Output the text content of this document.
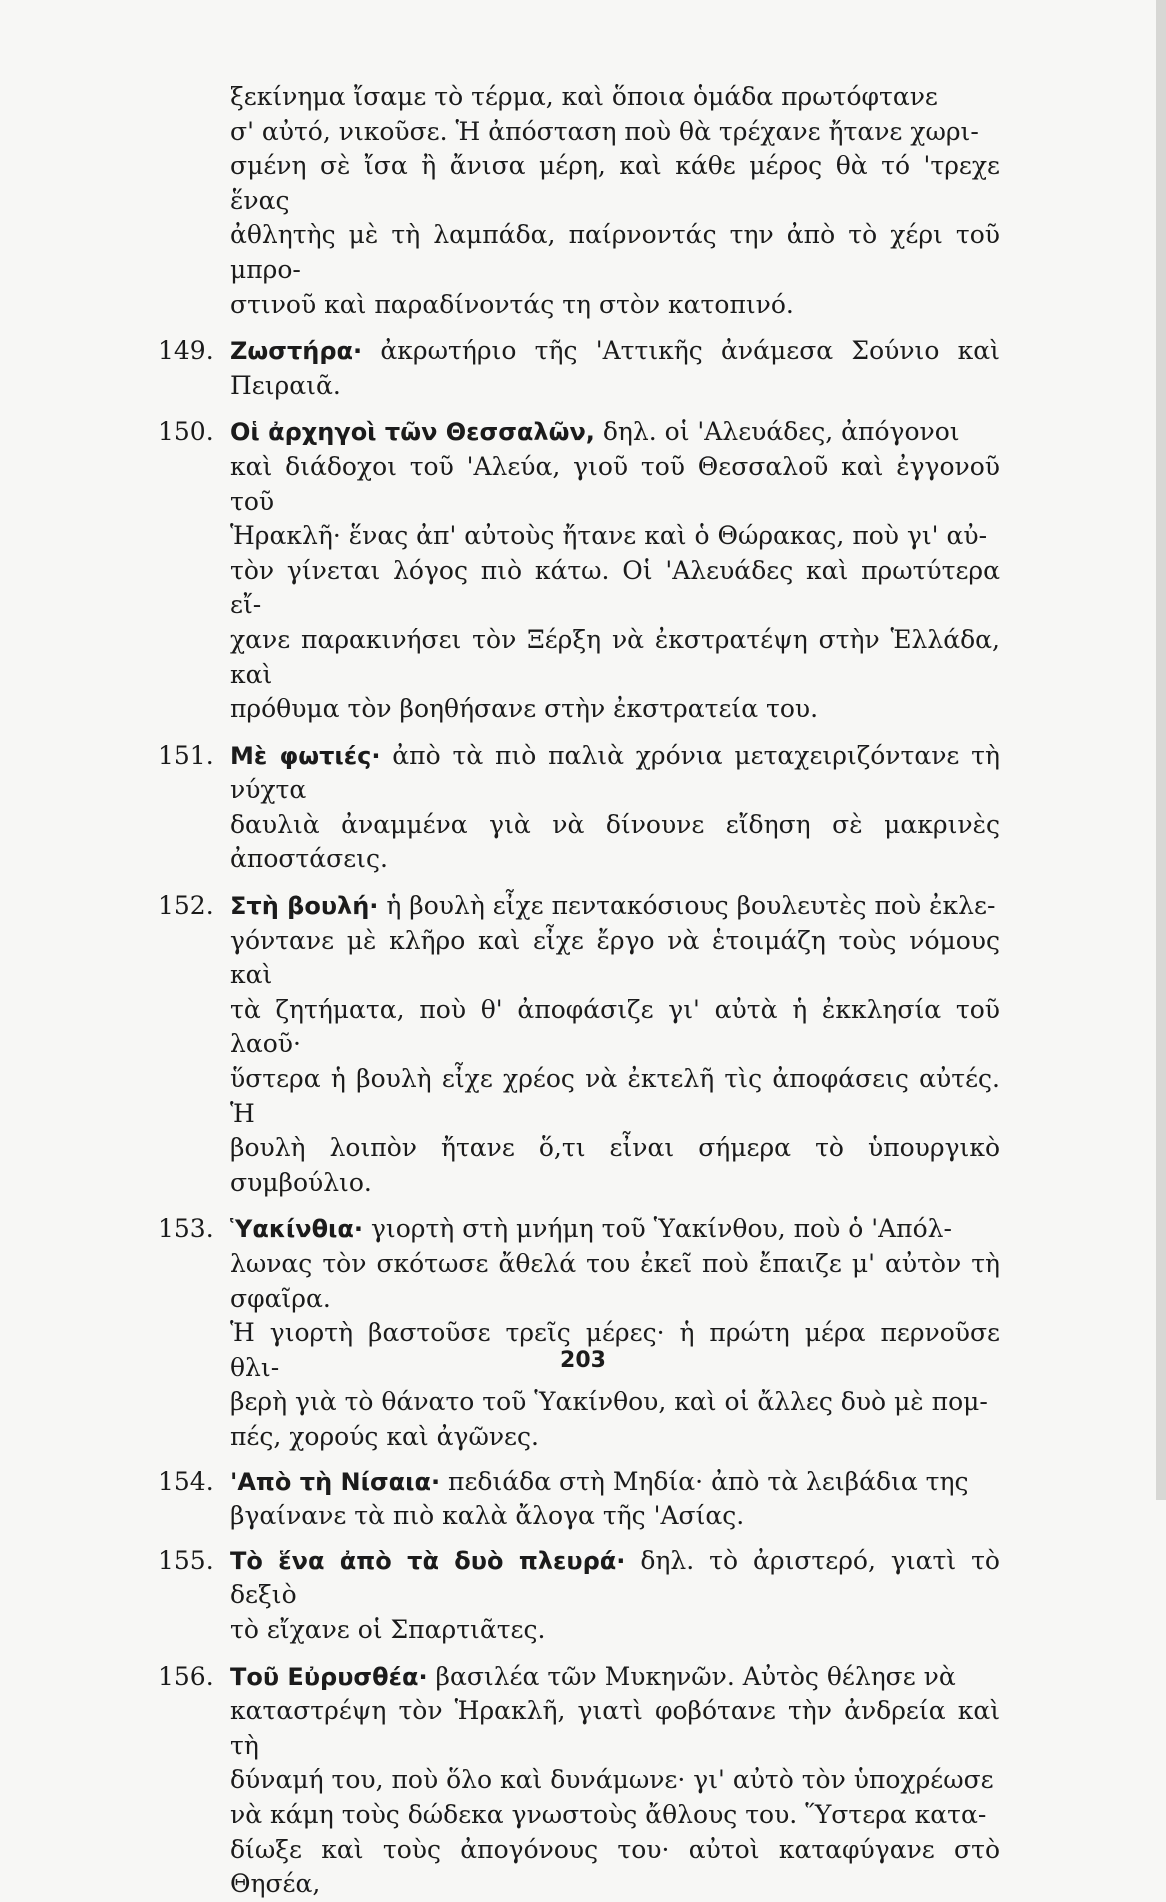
ξεκίνημα ἴσαμε τὸ τέρμα, καὶ ὅποια ὁμάδα πρωτόφτανε

σ' αὐτό, νικοῦσε. Ἡ ἀπόσταση ποὺ θὰ τρέχανε ἤτανε χωρι-

σμένη σὲ ἴσα ἢ ἄνισα μέρη, καὶ κάθε μέρος θὰ τό 'τρεχε ἕνας

ἀθλητὴς μὲ τὴ λαμπάδα, παίρνοντάς την ἀπὸ τὸ χέρι τοῦ μπρο-

στινοῦ καὶ παραδίνοντάς τη στὸν κατοπινό.

149. Ζωστήρα· ἀκρωτήριο τῆς 'Αττικῆς ἀνάμεσα Σούνιο καὶ Πειραιᾶ.

150. Οἱ ἀρχηγοὶ τῶν Θεσσαλῶν, δηλ. οἱ 'Αλευάδες, ἀπόγονοι

καὶ διάδοχοι τοῦ 'Αλεύα, γιοῦ τοῦ Θεσσαλοῦ καὶ ἐγγονοῦ τοῦ

Ἡρακλῆ· ἕνας ἀπ' αὐτοὺς ἤτανε καὶ ὁ Θώρακας, ποὺ γι' αὐ-

τὸν γίνεται λόγος πιὸ κάτω. Οἱ 'Αλευάδες καὶ πρωτύτερα εἴ-

χανε παρακινήσει τὸν Ξέρξη νὰ ἐκστρατέψη στὴν Ἑλλάδα, καὶ

πρόθυμα τὸν βοηθήσανε στὴν ἐκστρατεία του.

151. Μὲ φωτιές· ἀπὸ τὰ πιὸ παλιὰ χρόνια μεταχειριζόντανε τὴ νύχτα

δαυλιὰ ἀναμμένα γιὰ νὰ δίνουνε εἴδηση σὲ μακρινὲς ἀποστάσεις.

152. Στὴ βουλή· ἡ βουλὴ εἶχε πεντακόσιους βουλευτὲς ποὺ ἐκλε-

γόντανε μὲ κλῆρο καὶ εἶχε ἔργο νὰ ἑτοιμάζη τοὺς νόμους καὶ

τὰ ζητήματα, ποὺ θ' ἀποφάσιζε γι' αὐτὰ ἡ ἐκκλησία τοῦ λαοῦ·

ὕστερα ἡ βουλὴ εἶχε χρέος νὰ ἐκτελῆ τὶς ἀποφάσεις αὐτές. Ἡ

βουλὴ λοιπὸν ἤτανε ὅ,τι εἶναι σήμερα τὸ ὑπουργικὸ συμβούλιο.

153. Ὑακίνθια· γιορτὴ στὴ μνήμη τοῦ Ὑακίνθου, ποὺ ὁ 'Απόλ-

λωνας τὸν σκότωσε ἄθελά του ἐκεῖ ποὺ ἔπαιζε μ' αὐτὸν τὴ σφαῖρα.

Ἡ γιορτὴ βαστοῦσε τρεῖς μέρες· ἡ πρώτη μέρα περνοῦσε θλι-

βερὴ γιὰ τὸ θάνατο τοῦ Ὑακίνθου, καὶ οἱ ἄλλες δυὸ μὲ πομ-

πές, χορούς καὶ ἀγῶνες.

154. 'Απὸ τὴ Νίσαια· πεδιάδα στὴ Μηδία· ἀπὸ τὰ λειβάδια της

βγαίνανε τὰ πιὸ καλὰ ἄλογα τῆς 'Ασίας.

155. Τὸ ἕνα ἀπὸ τὰ δυὸ πλευρά· δηλ. τὸ ἀριστερό, γιατὶ τὸ δεξιὸ

τὸ εἴχανε οἱ Σπαρτιᾶτες.

156. Τοῦ Εὐρυσθέα· βασιλέα τῶν Μυκηνῶν. Αὐτὸς θέλησε νὰ

καταστρέψη τὸν Ἡρακλῆ, γιατὶ φοβότανε τὴν ἀνδρεία καὶ τὴ

δύναμή του, ποὺ ὅλο καὶ δυνάμωνε· γι' αὐτὸ τὸν ὑποχρέωσε

νὰ κάμη τοὺς δώδεκα γνωστοὺς ἄθλους του. Ὕστερα κατα-

δίωξε καὶ τοὺς ἀπογόνους του· αὐτοὶ καταφύγανε στὸ Θησέα,

203
